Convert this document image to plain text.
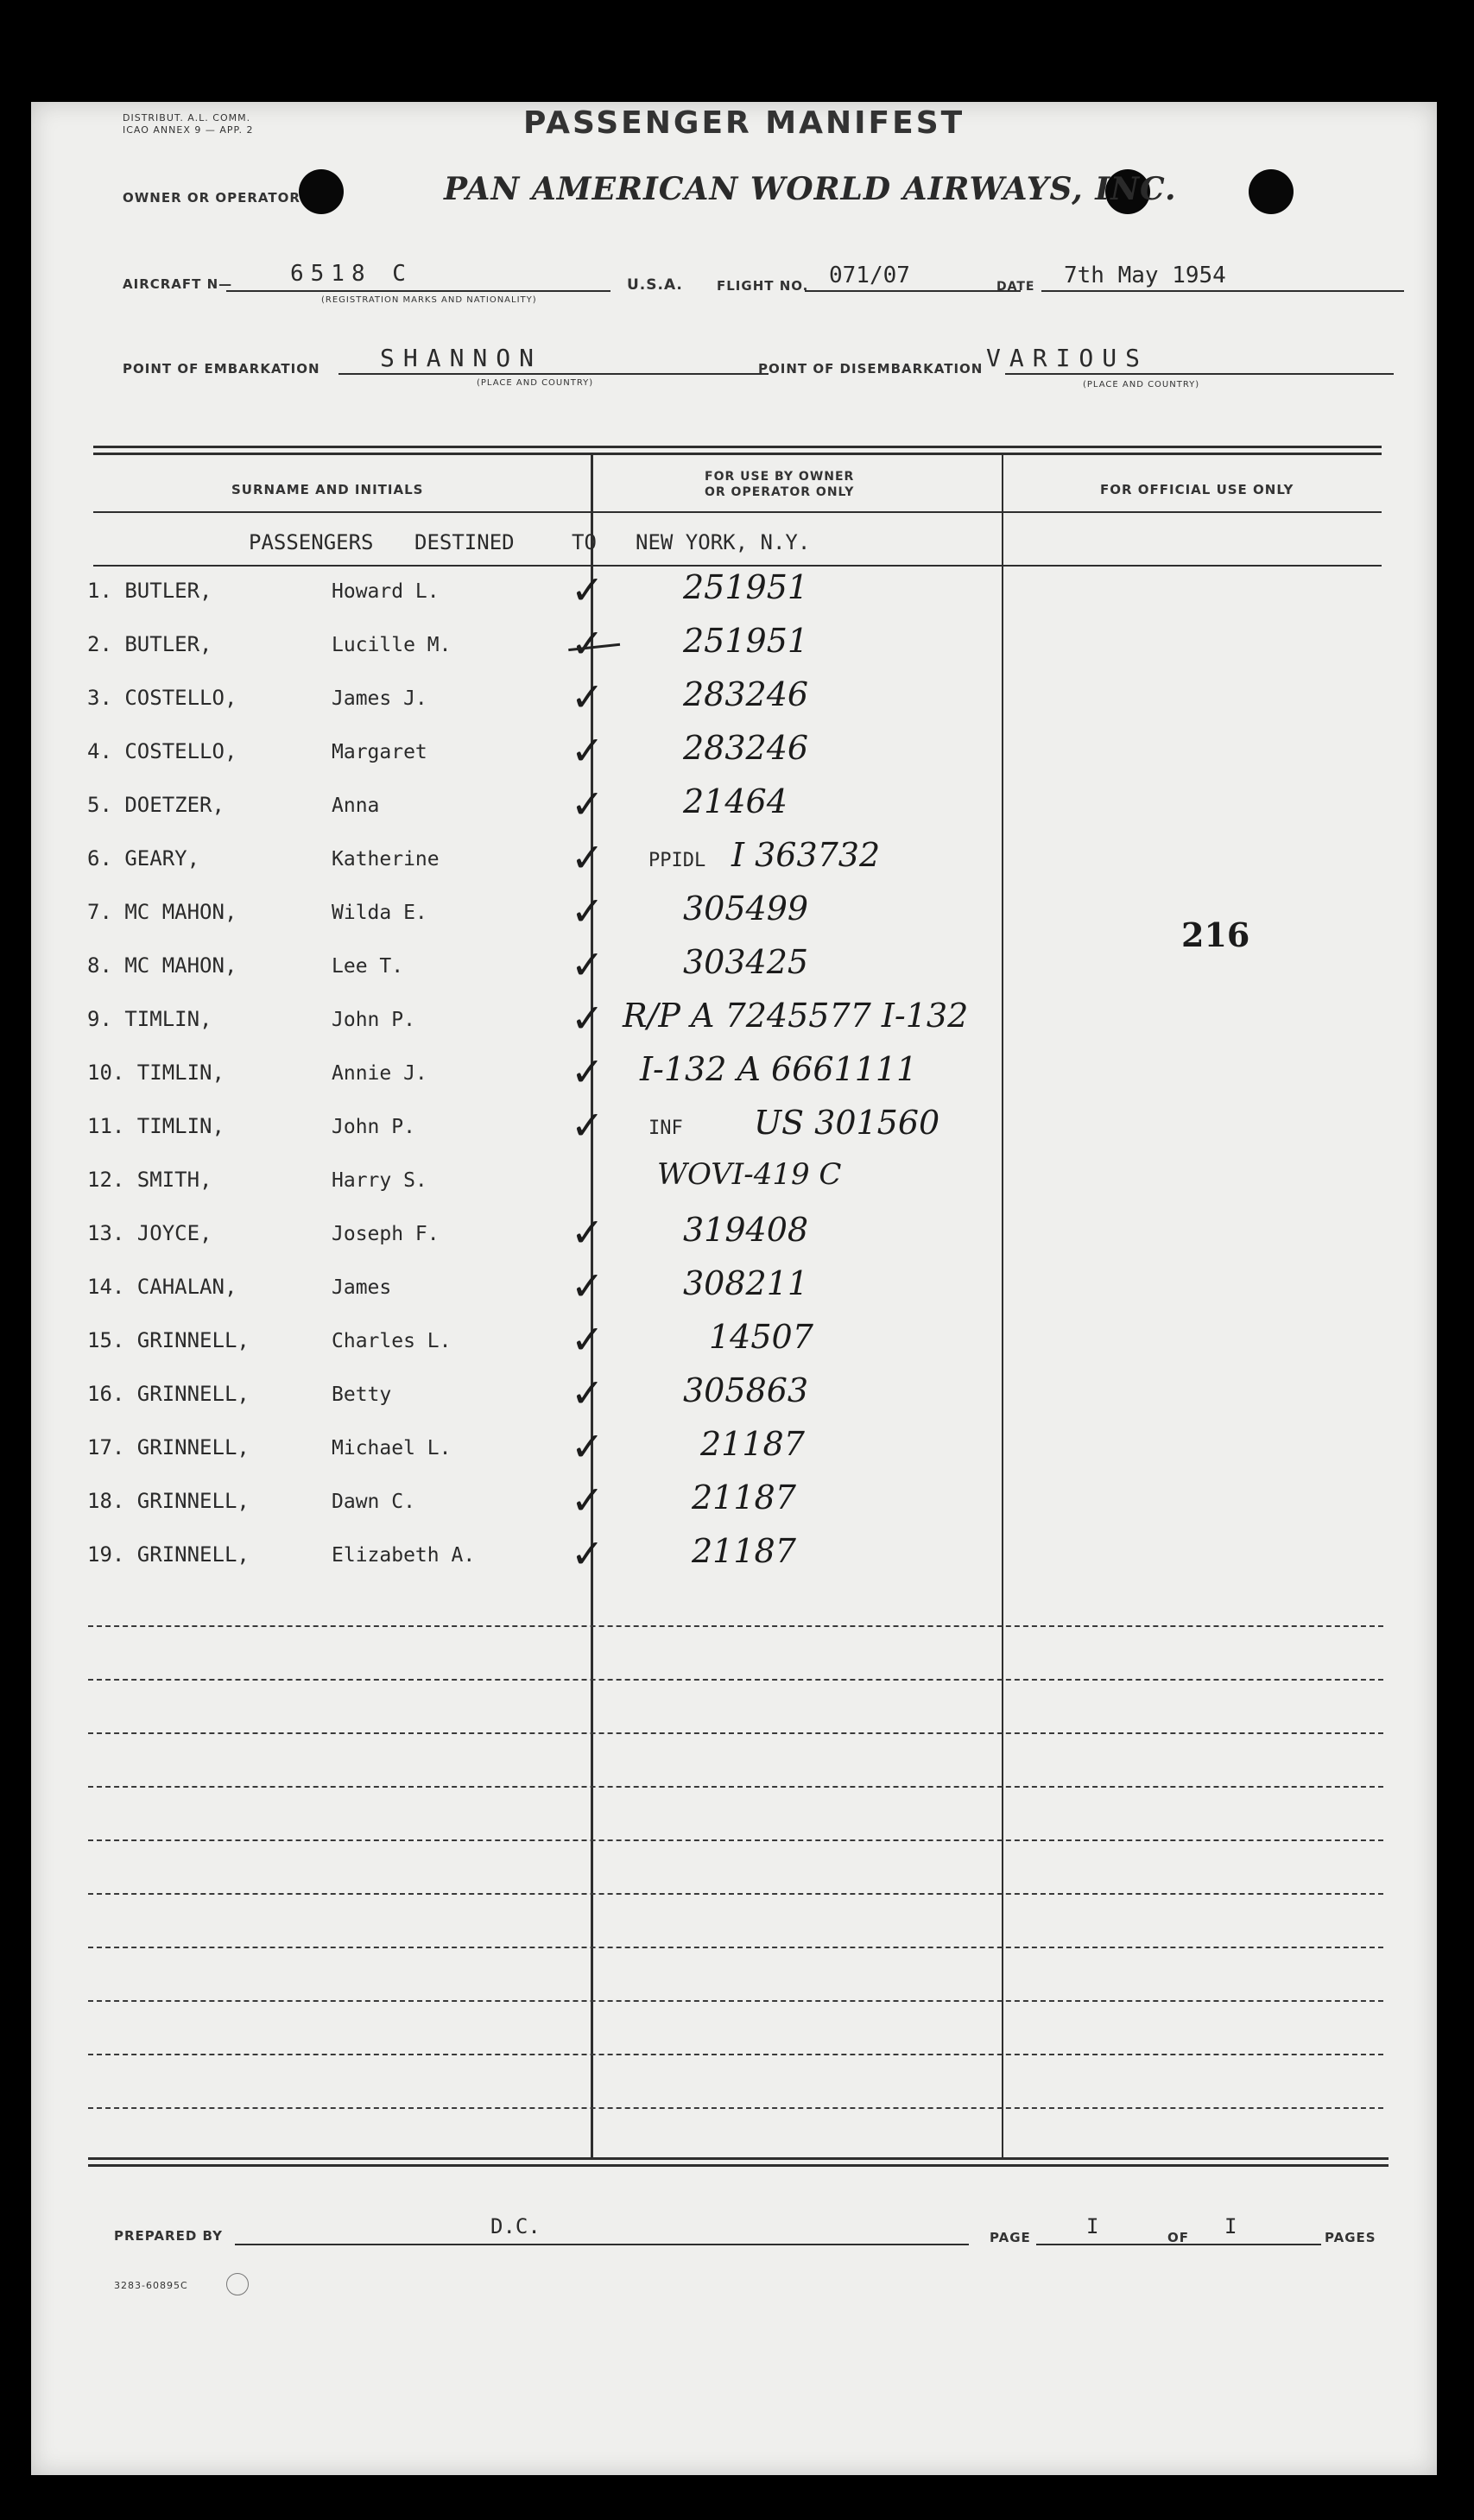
DISTRIBUT. A.L. COMM.
ICAO ANNEX 9 — APP. 2	PASSENGER MANIFEST
OWNER OR OPERATOR	PAN AMERICAN WORLD AIRWAYS, INC.
AIRCRAFT N—	6518 C
(REGISTRATION MARKS AND NATIONALITY)
U.S.A.	FLIGHT NO. 071/07	DATE 7th May 1954
POINT OF EMBARKATION SHANNON
(PLACE AND COUNTRY)
POINT OF DISEMBARKATION VARIOUS
(PLACE AND COUNTRY)
SURNAME AND INITIALS
FOR USE BY OWNER
OR OPERATOR ONLY	FOR OFFICIAL USE ONLY
PASSENGERS DESTINED	TO NEW YORK, N.Y.
216
1. BUTLER,	Howard L.	✓ 251951
2. BUTLER,	Lucille M.	✓ 251951
3. COSTELLO,	James J.	✓ 283246
4. COSTELLO,	Margaret	✓ 283246
5. DOETZER,	Anna	✓ 21464
6. GEARY,	Katherine	✓ PPIDL I 363732
7. MC MAHON,	Wilda E.	✓ 305499
8. MC MAHON,	Lee T.	✓ 303425
9. TIMLIN,	John P.	✓ R/P A 7245577 I-132
10. TIMLIN,	Annie J.	✓ I-132 A 6661111
11. TIMLIN,	John P.	✓ INF US 301560
12. SMITH,	Harry S.	WOVI-419 C
13. JOYCE,	Joseph F.	✓ 319408
14. CAHALAN,	James	✓ 308211
15. GRINNELL,	Charles L.	✓	14507
16. GRINNELL,	Betty	✓ 305863
17. GRINNELL,	Michael L.	✓	21187
18. GRINNELL,	Dawn C.	✓	21187
19. GRINNELL,	Elizabeth A. ✓	21187
PREPARED BY	D.C.	PAGE	I	OF I	PAGES
3283-60895C
